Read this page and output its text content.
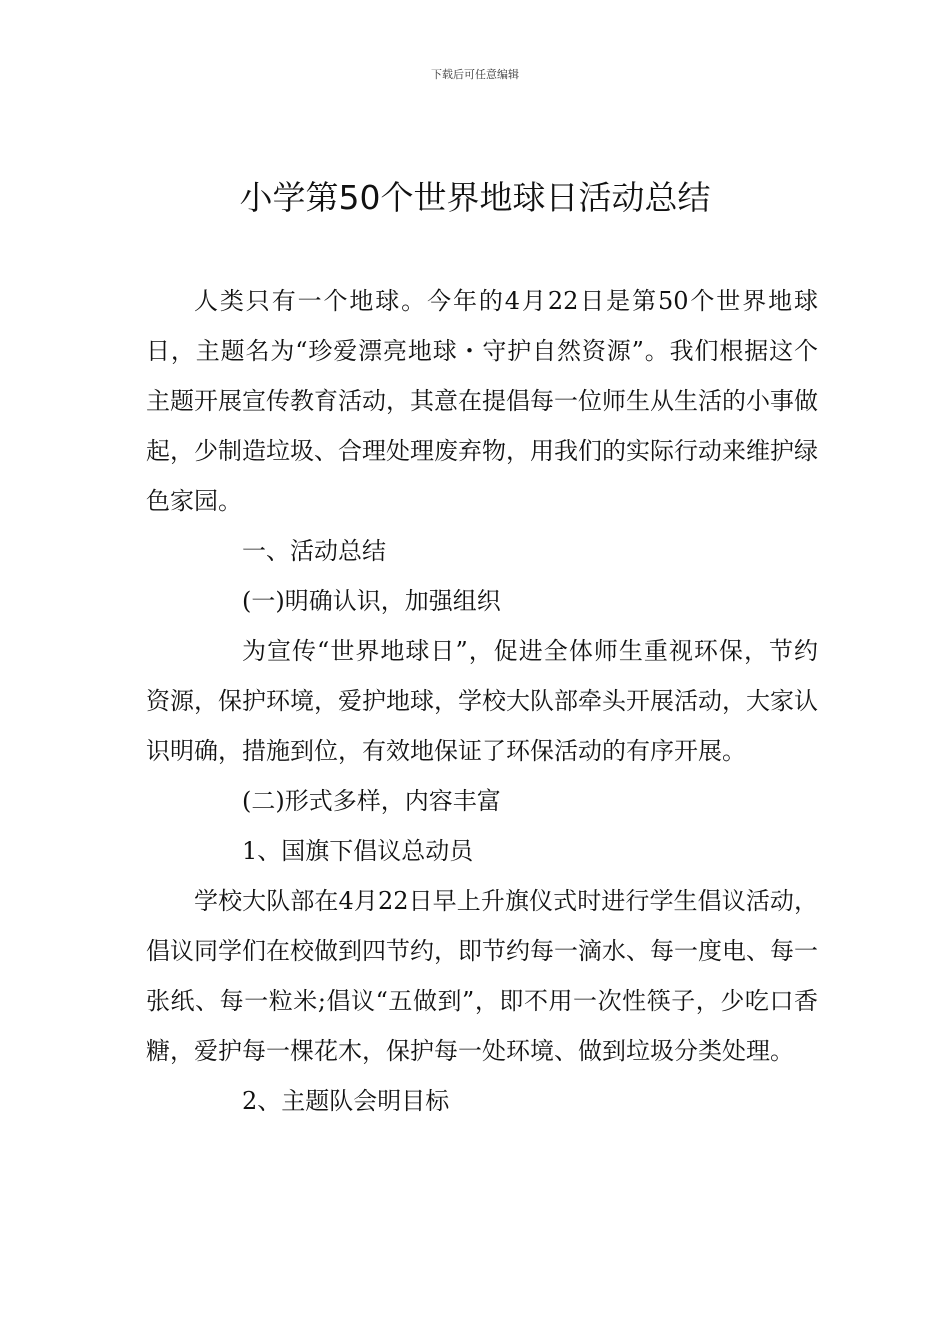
下载后可任意编辑
小学第50个世界地球日活动总结

人类只有一个地球。今年的4月22日是第50个世界地球日，主题名为“珍爱漂亮地球・守护自然资源”。我们根据这个主题开展宣传教育活动，其意在提倡每一位师生从生活的小事做起，少制造垃圾、合理处理废弃物，用我们的实际行动来维护绿色家园。

一、活动总结

(一)明确认识，加强组织

为宣传“世界地球日”，促进全体师生重视环保，节约资源，保护环境，爱护地球，学校大队部牵头开展活动，大家认识明确，措施到位，有效地保证了环保活动的有序开展。

(二)形式多样，内容丰富

1、国旗下倡议总动员

学校大队部在4月22日早上升旗仪式时进行学生倡议活动，倡议同学们在校做到四节约，即节约每一滴水、每一度电、每一张纸、每一粒米;倡议“五做到”，即不用一次性筷子，少吃口香糖，爱护每一棵花木，保护每一处环境、做到垃圾分类处理。

2、主题队会明目标
